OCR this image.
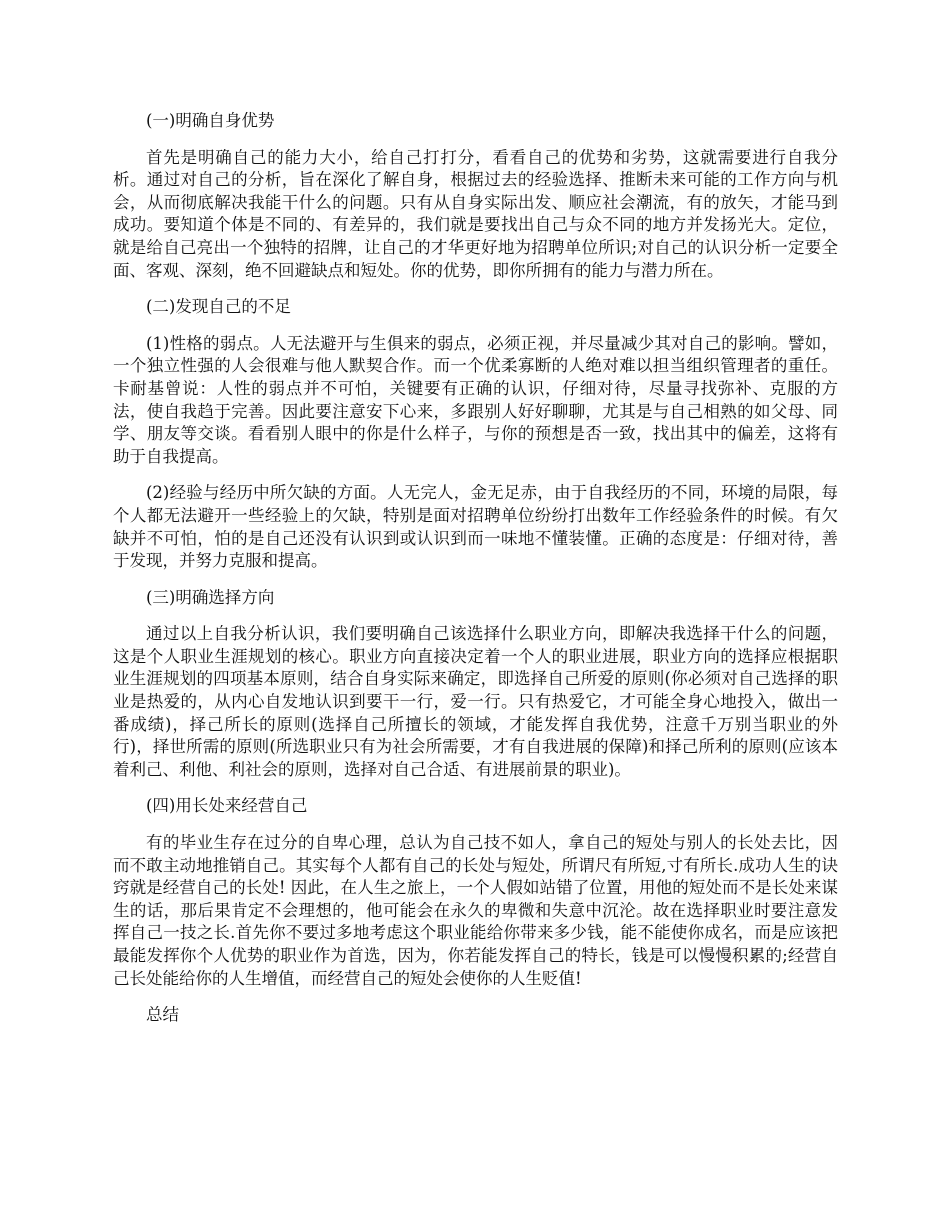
(一)明确自身优势

首先是明确自己的能力大小，给自己打打分，看看自己的优势和劣势，这就需要进行自我分析。通过对自己的分析，旨在深化了解自身，根据过去的经验选择、推断未来可能的工作方向与机会，从而彻底解决我能干什么的问题。只有从自身实际出发、顺应社会潮流，有的放矢，才能马到成功。要知道个体是不同的、有差异的，我们就是要找出自己与众不同的地方并发扬光大。定位，就是给自己亮出一个独特的招牌，让自己的才华更好地为招聘单位所识;对自己的认识分析一定要全面、客观、深刻，绝不回避缺点和短处。你的优势，即你所拥有的能力与潜力所在。

(二)发现自己的不足

(1)性格的弱点。人无法避开与生俱来的弱点，必须正视，并尽量减少其对自己的影响。譬如，一个独立性强的人会很难与他人默契合作。而一个优柔寡断的人绝对难以担当组织管理者的重任。卡耐基曾说：人性的弱点并不可怕，关键要有正确的认识，仔细对待，尽量寻找弥补、克服的方法，使自我趋于完善。因此要注意安下心来，多跟别人好好聊聊，尤其是与自己相熟的如父母、同学、朋友等交谈。看看别人眼中的你是什么样子，与你的预想是否一致，找出其中的偏差，这将有助于自我提高。

(2)经验与经历中所欠缺的方面。人无完人，金无足赤，由于自我经历的不同，环境的局限，每个人都无法避开一些经验上的欠缺，特别是面对招聘单位纷纷打出数年工作经验条件的时候。有欠缺并不可怕，怕的是自己还没有认识到或认识到而一味地不懂装懂。正确的态度是：仔细对待，善于发现，并努力克服和提高。

(三)明确选择方向

通过以上自我分析认识，我们要明确自己该选择什么职业方向，即解决我选择干什么的问题，这是个人职业生涯规划的核心。职业方向直接决定着一个人的职业进展，职业方向的选择应根据职业生涯规划的四项基本原则，结合自身实际来确定，即选择自己所爱的原则(你必须对自己选择的职业是热爱的，从内心自发地认识到要干一行，爱一行。只有热爱它，才可能全身心地投入，做出一番成绩)，择己所长的原则(选择自己所擅长的领域，才能发挥自我优势，注意千万别当职业的外行)，择世所需的原则(所选职业只有为社会所需要，才有自我进展的保障)和择己所利的原则(应该本着利己、利他、利社会的原则，选择对自己合适、有进展前景的职业)。

(四)用长处来经营自己

有的毕业生存在过分的自卑心理，总认为自己技不如人，拿自己的短处与别人的长处去比，因而不敢主动地推销自己。其实每个人都有自己的长处与短处，所谓尺有所短,寸有所长.成功人生的诀窍就是经营自己的长处! 因此，在人生之旅上，一个人假如站错了位置，用他的短处而不是长处来谋生的话，那后果肯定不会理想的，他可能会在永久的卑微和失意中沉沦。故在选择职业时要注意发挥自己一技之长.首先你不要过多地考虑这个职业能给你带来多少钱，能不能使你成名，而是应该把最能发挥你个人优势的职业作为首选，因为，你若能发挥自己的特长，钱是可以慢慢积累的;经营自己长处能给你的人生增值，而经营自己的短处会使你的人生贬值!

总结
